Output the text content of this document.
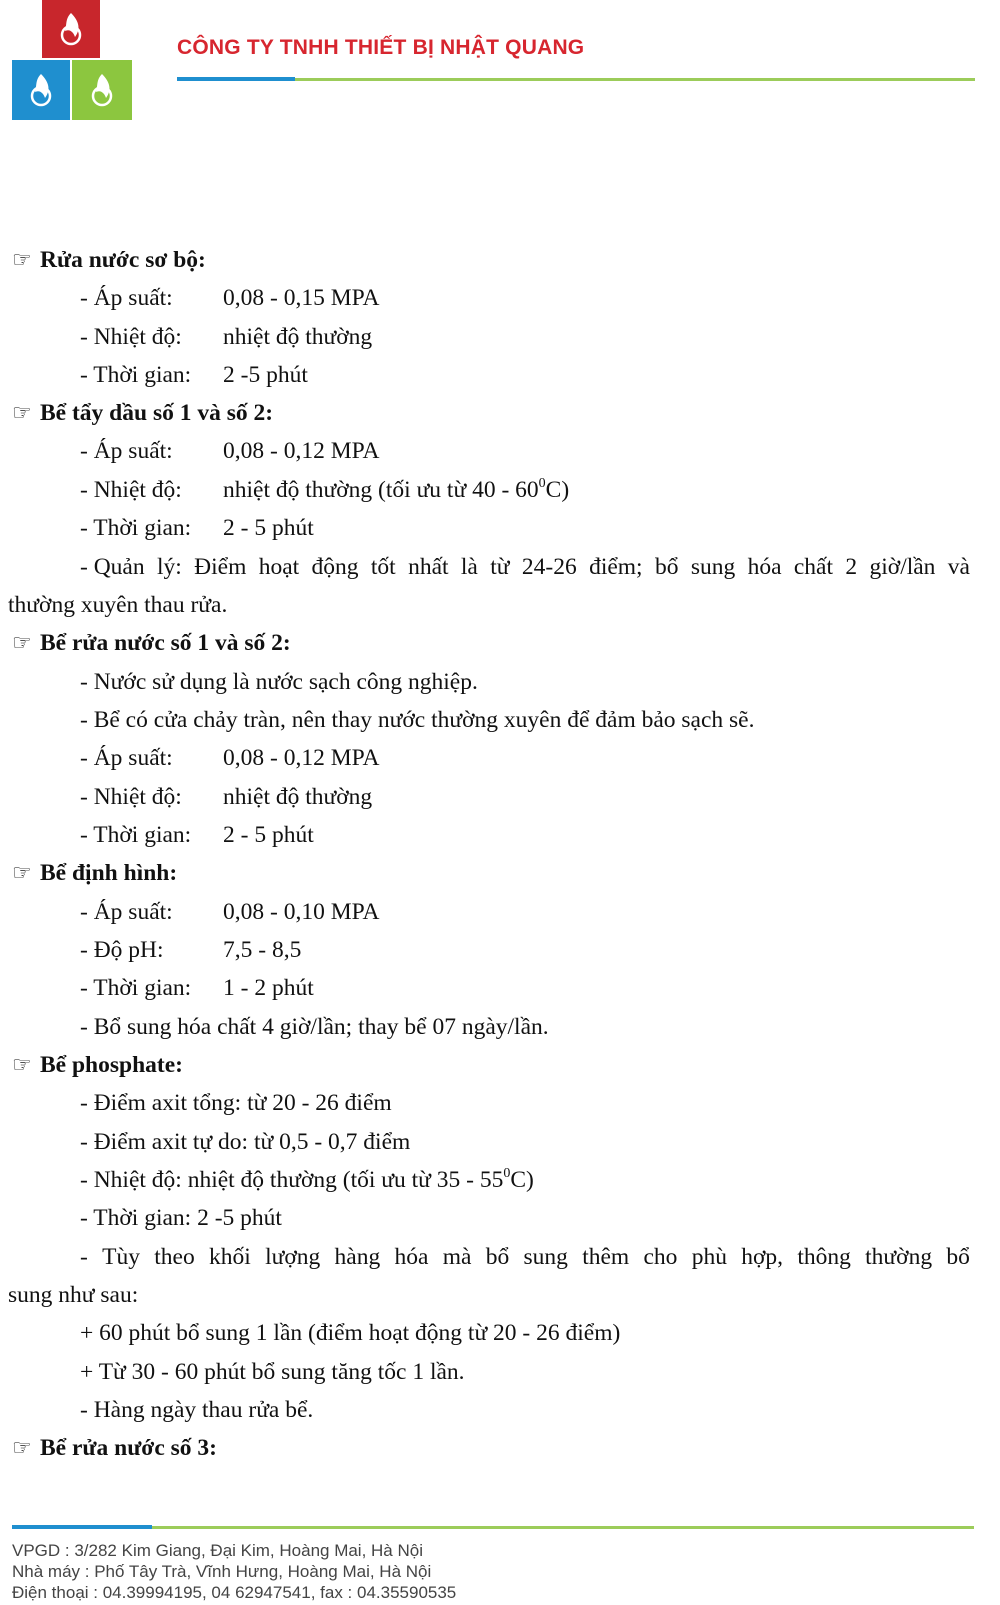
CÔNG TY TNHH THIẾT BỊ NHẬT QUANG
☞ Rửa nước sơ bộ:
- Áp suất: 0,08 - 0,15 MPA
- Nhiệt độ: nhiệt độ thường
- Thời gian: 2 -5 phút
☞ Bể tẩy dầu số 1 và số 2:
- Áp suất: 0,08 - 0,12 MPA
- Nhiệt độ: nhiệt độ thường (tối ưu từ $40 - 60^0C$)
- Thời gian: 2 - 5 phút
- Quản lý: Điểm hoạt động tốt nhất là từ 24-26 điểm; bổ sung hóa chất 2 giờ/lần và
thường xuyên thau rửa.
☞ Bể rửa nước số 1 và số 2:
- Nước sử dụng là nước sạch công nghiệp.
- Bể có cửa chảy tràn, nên thay nước thường xuyên để đảm bảo sạch sẽ.
- Áp suất: 0,08 - 0,12 MPA
- Nhiệt độ: nhiệt độ thường
- Thời gian: 2 - 5 phút
☞ Bể định hình:
- Áp suất: 0,08 - 0,10 MPA
- Độ pH:	7,5 - 8,5
- Thời gian: 1 - 2 phút
- Bổ sung hóa chất 4 giờ/lần; thay bể 07 ngày/lần.
☞ Bể phosphate:
- Điểm axit tổng: từ 20 - 26 điểm
- Điểm axit tự do: từ 0,5 - 0,7 điểm
- Nhiệt độ: nhiệt độ thường (tối ưu từ $35 - 55^0C$)
- Thời gian: 2 -5 phút
- Tùy theo khối lượng hàng hóa mà bổ sung thêm cho phù hợp, thông thường bổ
sung như sau:
+ 60 phút bổ sung 1 lần (điểm hoạt động từ 20 - 26 điểm)
+ Từ 30 - 60 phút bổ sung tăng tốc 1 lần.
- Hàng ngày thau rửa bể.
☞ Bể rửa nước số 3:
VPGD : 3/282 Kim Giang, Đại Kim, Hoàng Mai, Hà Nội
Nhà máy : Phố Tây Trà, Vĩnh Hưng, Hoàng Mai, Hà Nội
Điện thoại : 04.39994195, 04 62947541, fax : 04.35590535
